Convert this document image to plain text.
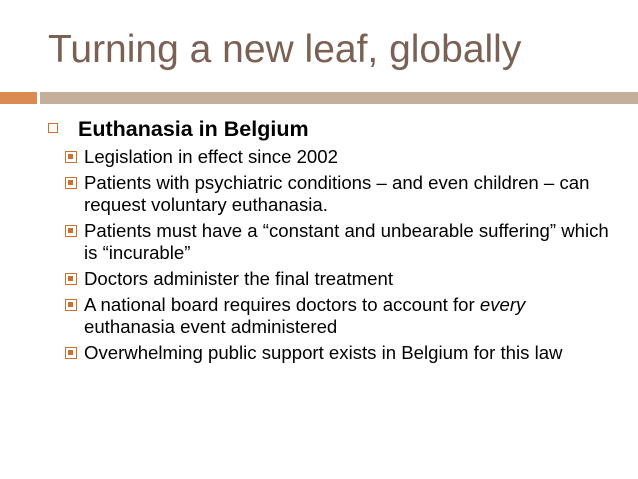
Turning a new leaf, globally
Euthanasia in Belgium
Legislation in effect since 2002
Patients with psychiatric conditions – and even children – can request voluntary euthanasia.
Patients must have a “constant and unbearable suffering” which is “incurable”
Doctors administer the final treatment
A national board requires doctors to account for every euthanasia event administered
Overwhelming public support exists in Belgium for this law
